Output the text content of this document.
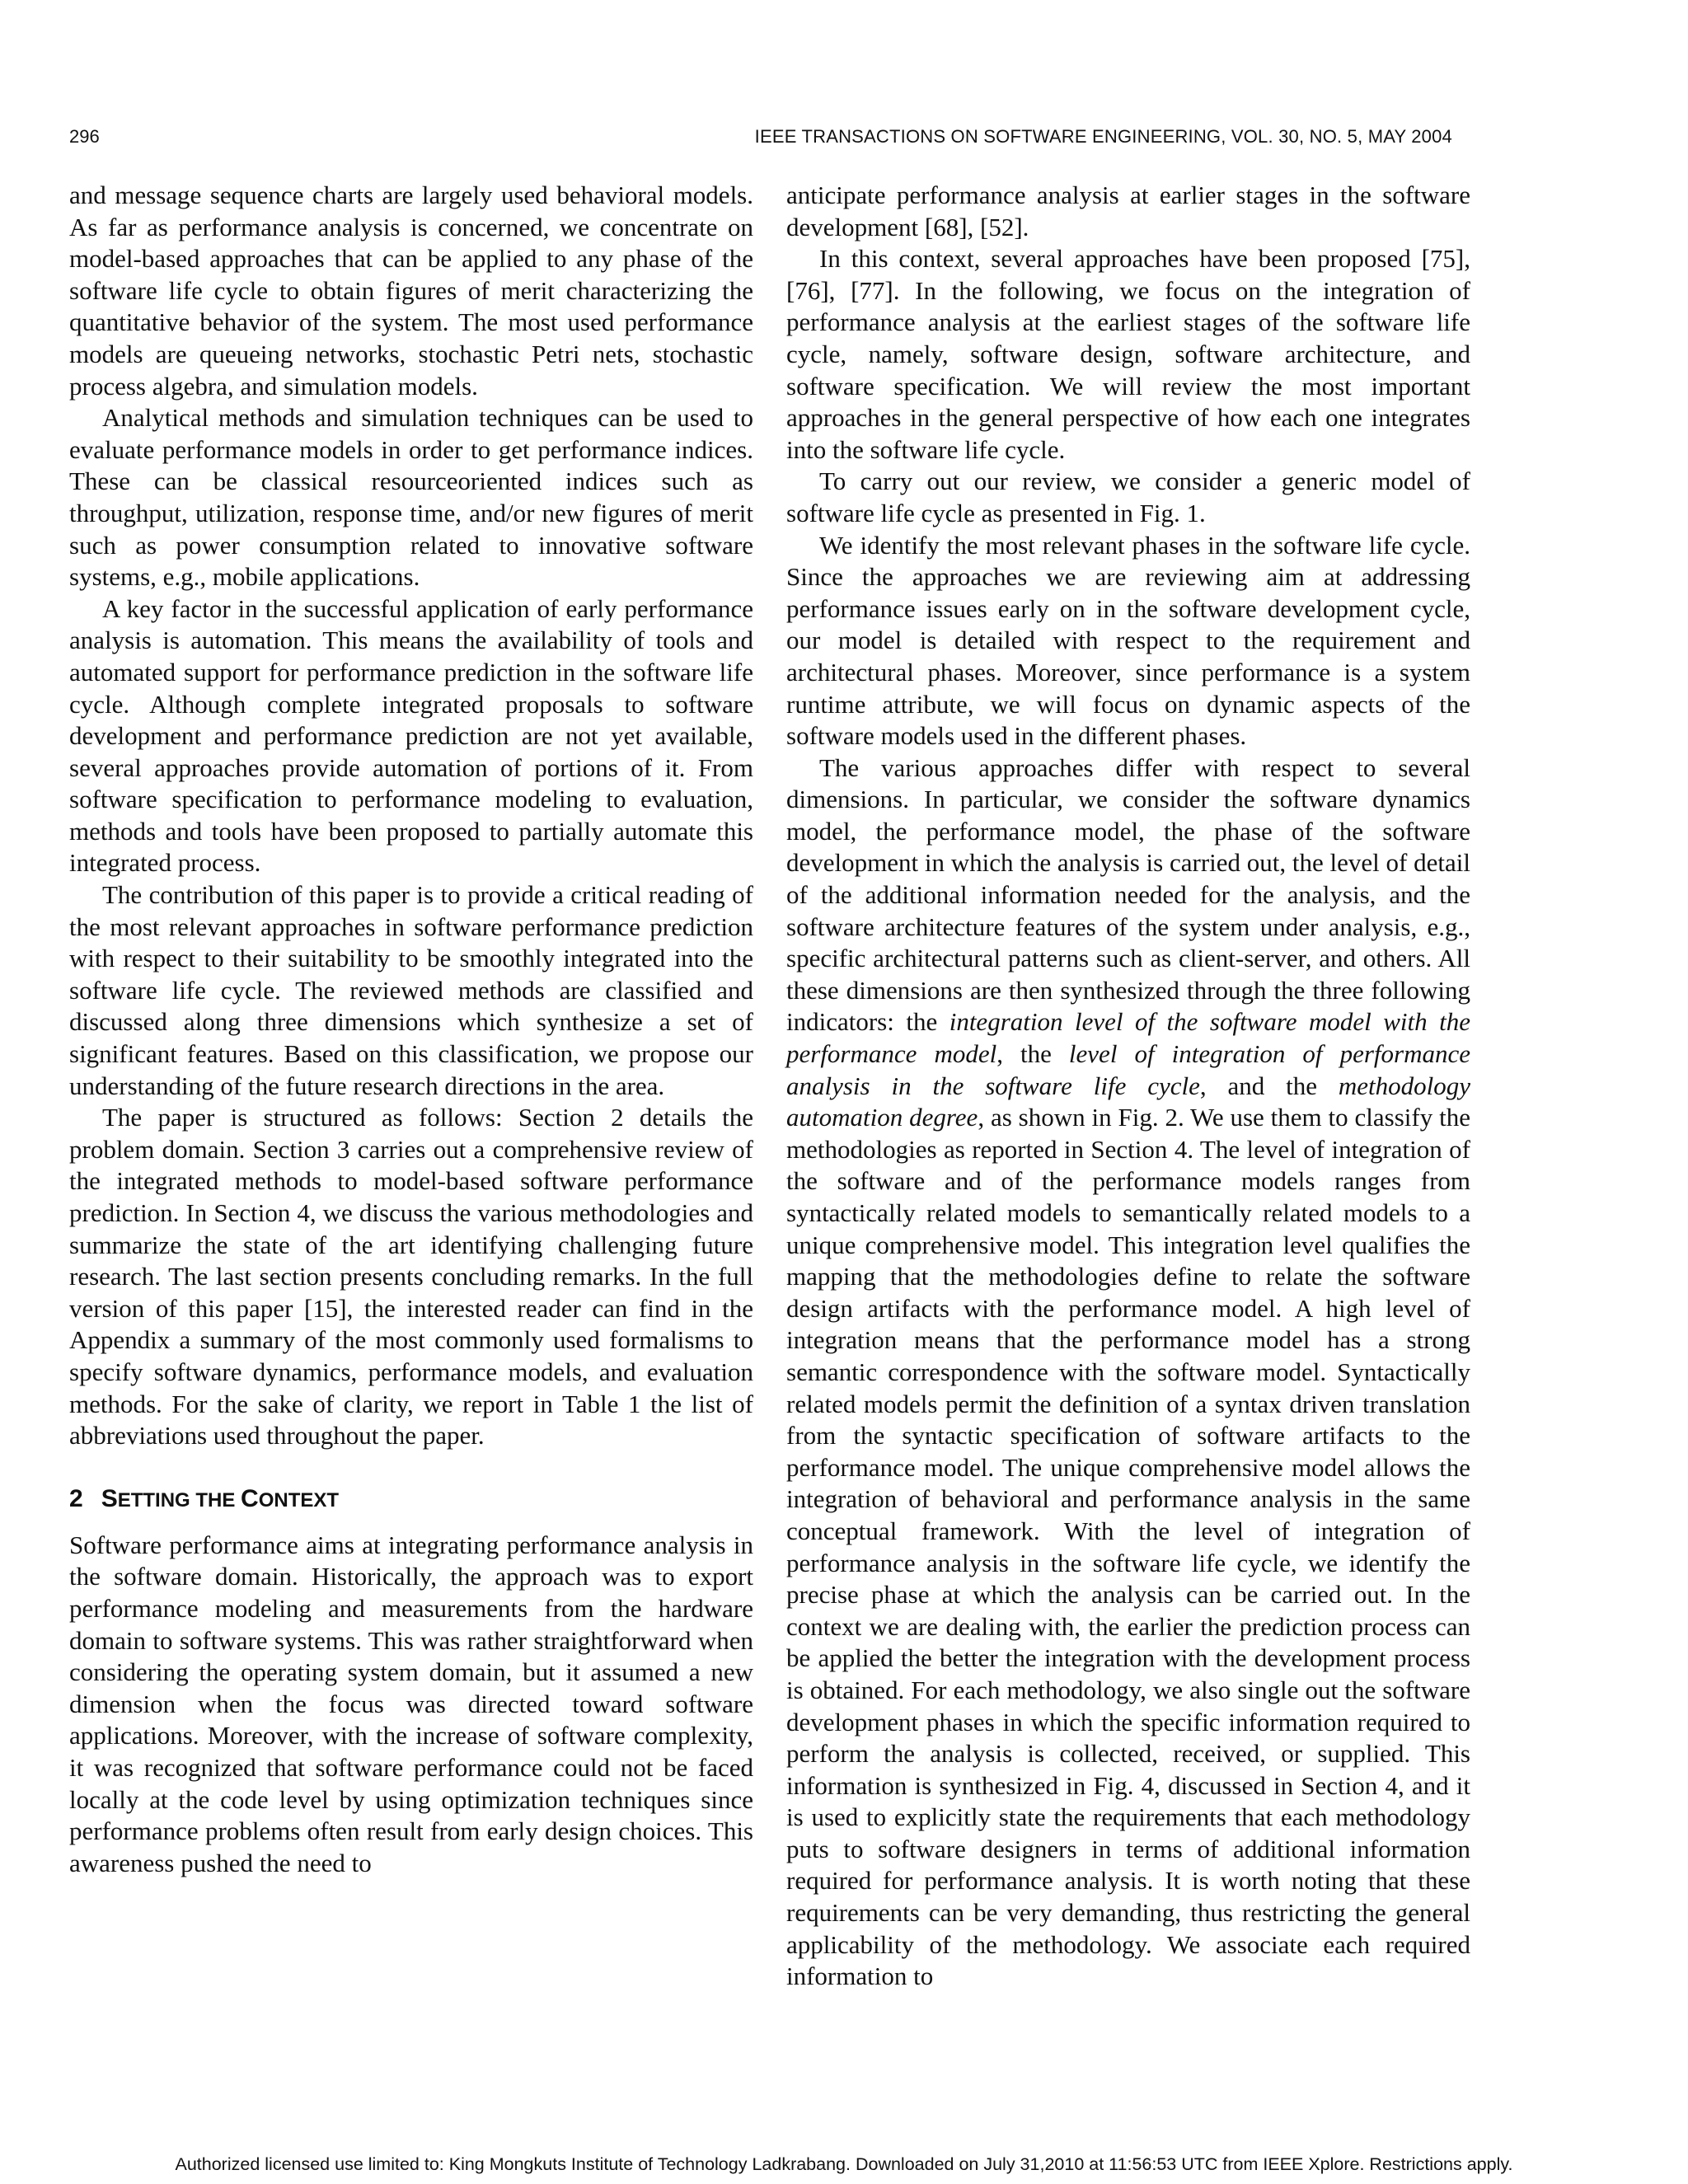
296	IEEE TRANSACTIONS ON SOFTWARE ENGINEERING, VOL. 30, NO. 5, MAY 2004

and message sequence charts are largely used behavioral models. As far as performance analysis is concerned, we concentrate on model-based approaches that can be applied to any phase of the software life cycle to obtain figures of merit characterizing the quantitative behavior of the system. The most used performance models are queueing networks, stochastic Petri nets, stochastic process algebra, and simulation models.

Analytical methods and simulation techniques can be used to evaluate performance models in order to get performance indices. These can be classical resourceoriented indices such as throughput, utilization, response time, and/or new figures of merit such as power consumption related to innovative software systems, e.g., mobile applications.

A key factor in the successful application of early performance analysis is automation. This means the availability of tools and automated support for performance prediction in the software life cycle. Although complete integrated proposals to software development and performance prediction are not yet available, several approaches provide automation of portions of it. From software specification to performance modeling to evaluation, methods and tools have been proposed to partially automate this integrated process.

The contribution of this paper is to provide a critical reading of the most relevant approaches in software performance prediction with respect to their suitability to be smoothly integrated into the software life cycle. The reviewed methods are classified and discussed along three dimensions which synthesize a set of significant features. Based on this classification, we propose our understanding of the future research directions in the area.

The paper is structured as follows: Section 2 details the problem domain. Section 3 carries out a comprehensive review of the integrated methods to model-based software performance prediction. In Section 4, we discuss the various methodologies and summarize the state of the art identifying challenging future research. The last section presents concluding remarks. In the full version of this paper [15], the interested reader can find in the Appendix a summary of the most commonly used formalisms to specify software dynamics, performance models, and evaluation methods. For the sake of clarity, we report in Table 1 the list of abbreviations used throughout the paper.

2 SETTING THE CONTEXT

Software performance aims at integrating performance analysis in the software domain. Historically, the approach was to export performance modeling and measurements from the hardware domain to software systems. This was rather straightforward when considering the operating system domain, but it assumed a new dimension when the focus was directed toward software applications. Moreover, with the increase of software complexity, it was recognized that software performance could not be faced locally at the code level by using optimization techniques since performance problems often result from early design choices. This awareness pushed the need to

anticipate performance analysis at earlier stages in the software development [68], [52].

In this context, several approaches have been proposed [75], [76], [77]. In the following, we focus on the integration of performance analysis at the earliest stages of the software life cycle, namely, software design, software architecture, and software specification. We will review the most important approaches in the general perspective of how each one integrates into the software life cycle.

To carry out our review, we consider a generic model of software life cycle as presented in Fig. 1.

We identify the most relevant phases in the software life cycle. Since the approaches we are reviewing aim at addressing performance issues early on in the software development cycle, our model is detailed with respect to the requirement and architectural phases. Moreover, since performance is a system runtime attribute, we will focus on dynamic aspects of the software models used in the different phases.

The various approaches differ with respect to several dimensions. In particular, we consider the software dynamics model, the performance model, the phase of the software development in which the analysis is carried out, the level of detail of the additional information needed for the analysis, and the software architecture features of the system under analysis, e.g., specific architectural patterns such as client-server, and others. All these dimensions are then synthesized through the three following indicators: the integration level of the software model with the performance model, the level of integration of performance analysis in the software life cycle, and the methodology automation degree, as shown in Fig. 2. We use them to classify the methodologies as reported in Section 4. The level of integration of the software and of the performance models ranges from syntactically related models to semantically related models to a unique comprehensive model. This integration level qualifies the mapping that the methodologies define to relate the software design artifacts with the performance model. A high level of integration means that the performance model has a strong semantic correspondence with the software model. Syntactically related models permit the definition of a syntax driven translation from the syntactic specification of software artifacts to the performance model. The unique comprehensive model allows the integration of behavioral and performance analysis in the same conceptual framework. With the level of integration of performance analysis in the software life cycle, we identify the precise phase at which the analysis can be carried out. In the context we are dealing with, the earlier the prediction process can be applied the better the integration with the development process is obtained. For each methodology, we also single out the software development phases in which the specific information required to perform the analysis is collected, received, or supplied. This information is synthesized in Fig. 4, discussed in Section 4, and it is used to explicitly state the requirements that each methodology puts to software designers in terms of additional information required for performance analysis. It is worth noting that these requirements can be very demanding, thus restricting the general applicability of the methodology. We associate each required information to

Authorized licensed use limited to: King Mongkuts Institute of Technology Ladkrabang. Downloaded on July 31,2010 at 11:56:53 UTC from IEEE Xplore. Restrictions apply.
